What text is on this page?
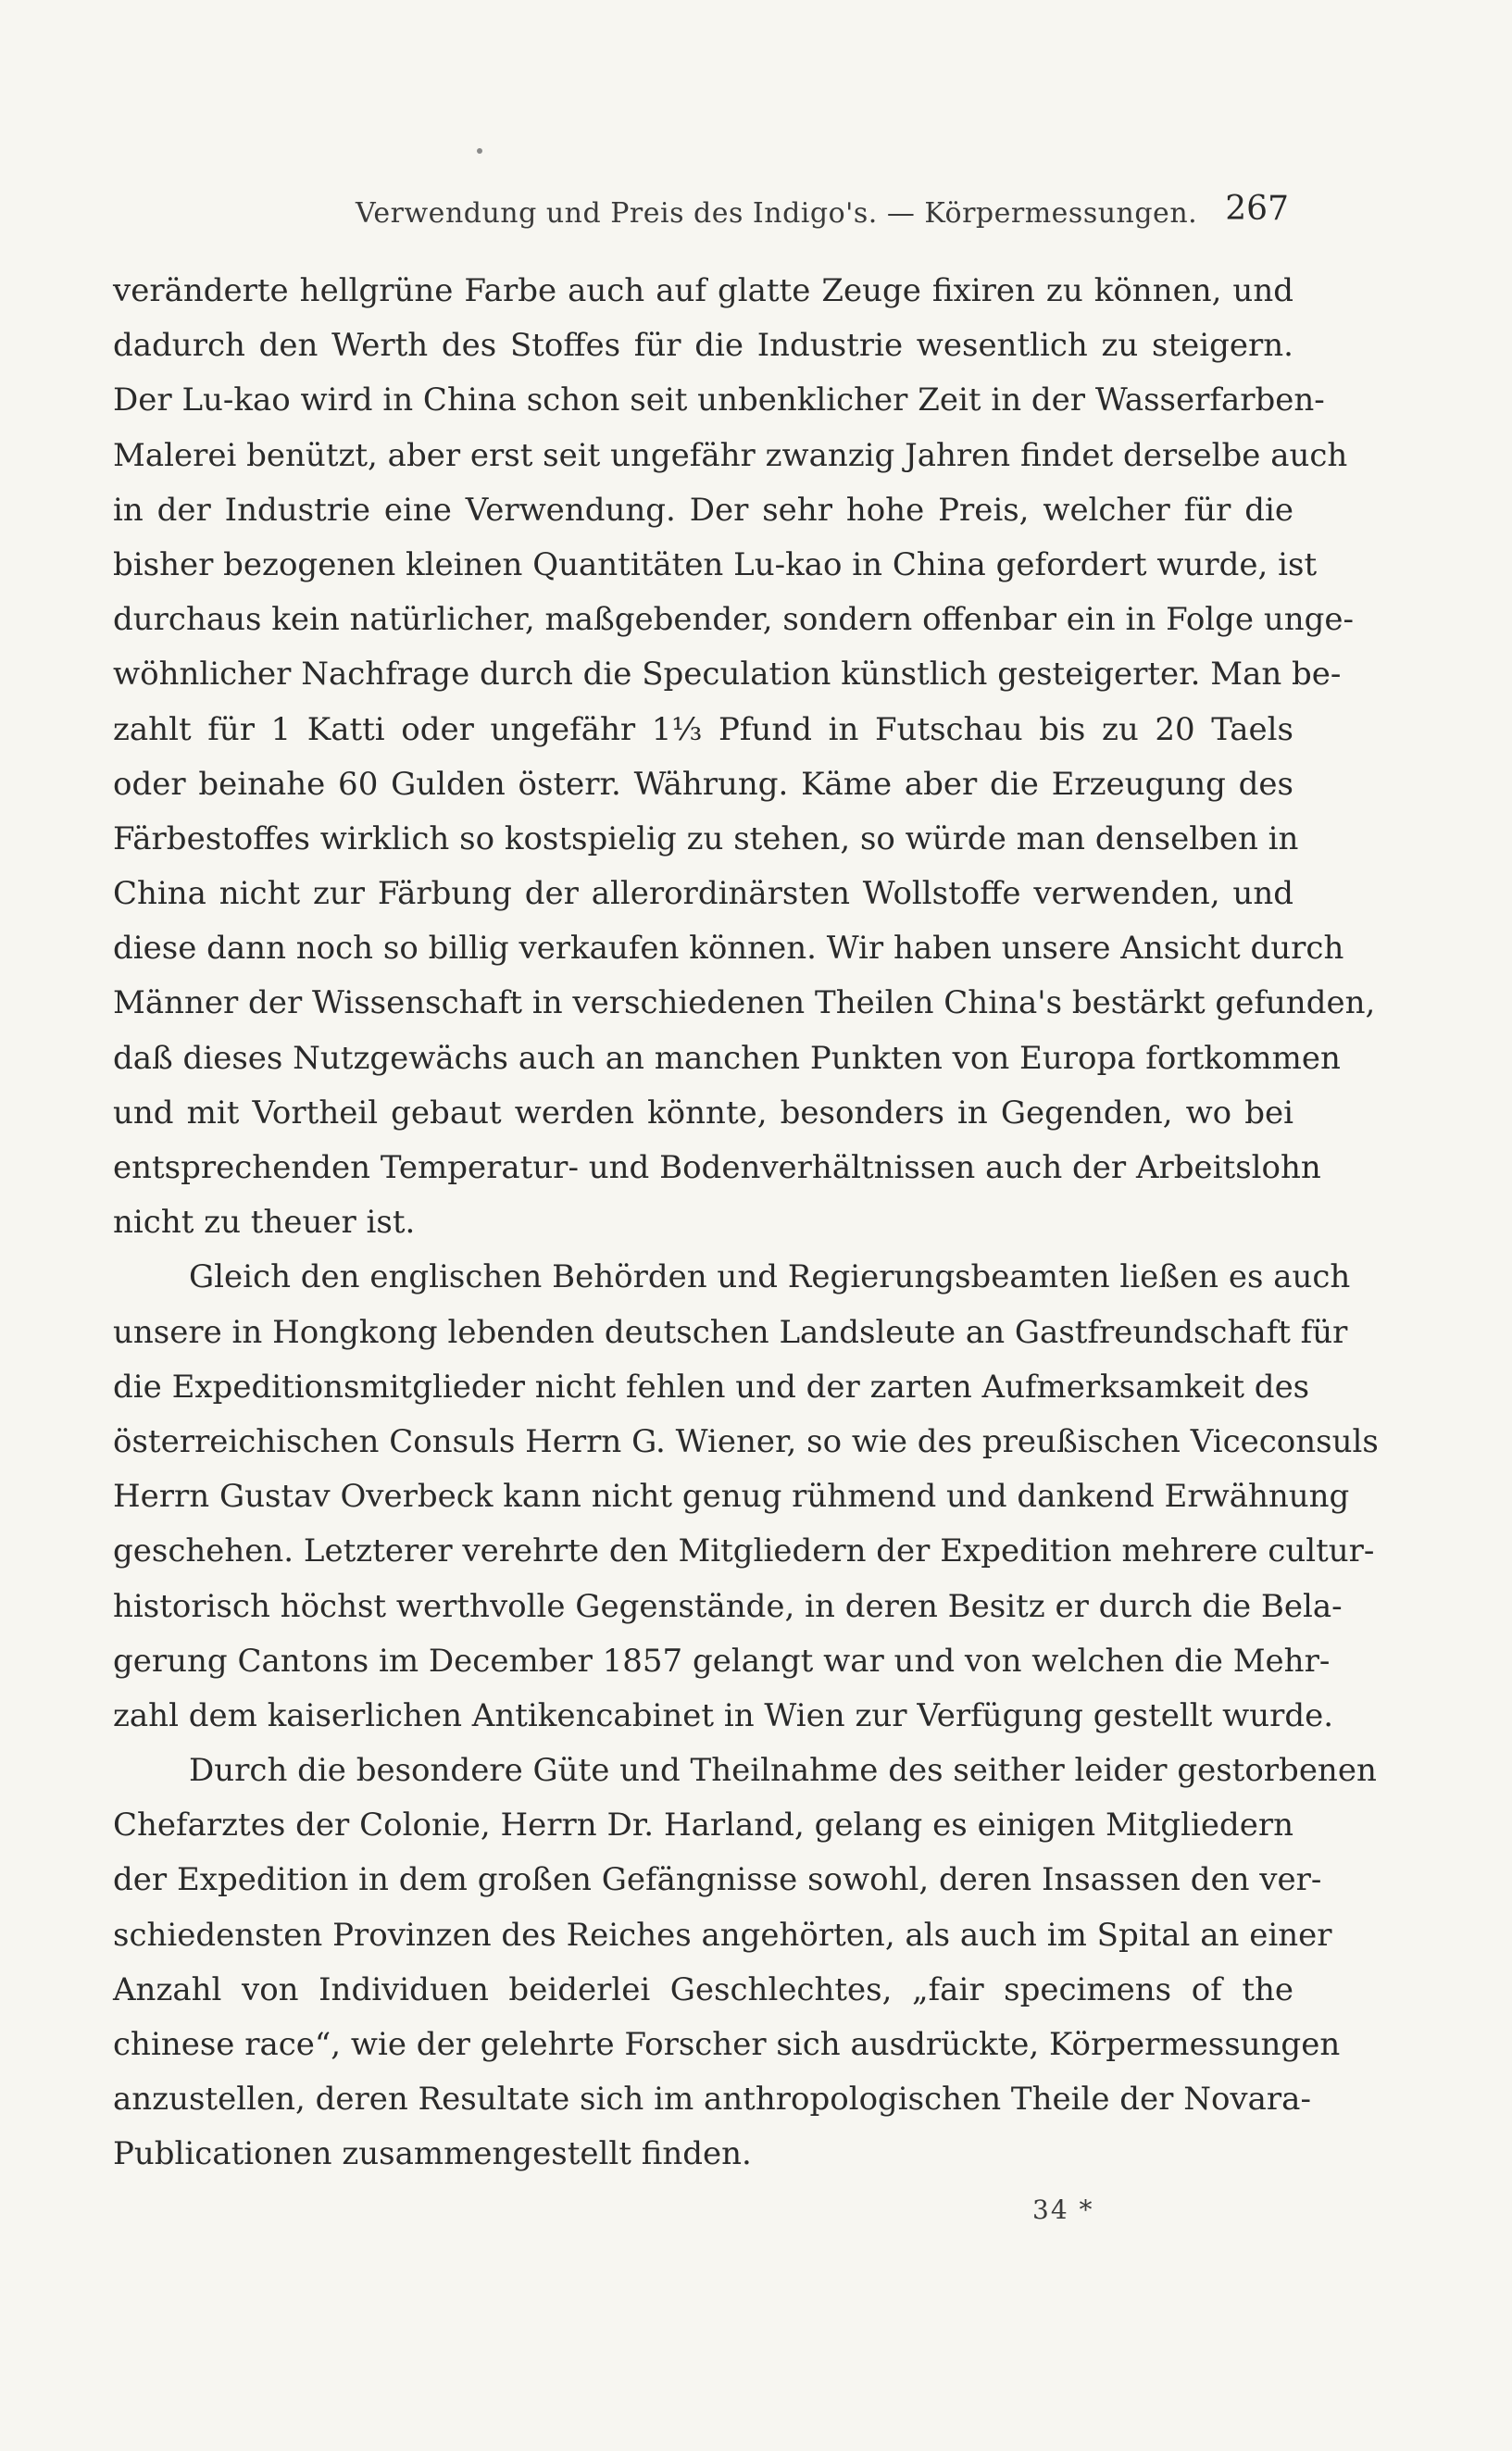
Verwendung und Preis des Indigo's. — Körpermessungen. 267
veränderte hellgrüne Farbe auch auf glatte Zeuge fixiren zu können, und
dadurch den Werth des Stoffes für die Industrie wesentlich zu steigern.
Der Lu-kao wird in China schon seit unbenklicher Zeit in der Wasserfarben-
Malerei benützt, aber erst seit ungefähr zwanzig Jahren findet derselbe auch
in der Industrie eine Verwendung. Der sehr hohe Preis, welcher für die
bisher bezogenen kleinen Quantitäten Lu-kao in China gefordert wurde, ist
durchaus kein natürlicher, maßgebender, sondern offenbar ein in Folge unge-
wöhnlicher Nachfrage durch die Speculation künstlich gesteigerter. Man be-
zahlt für 1 Katti oder ungefähr 1⅓ Pfund in Futschau bis zu 20 Taels
oder beinahe 60 Gulden österr. Währung. Käme aber die Erzeugung des
Färbestoffes wirklich so kostspielig zu stehen, so würde man denselben in
China nicht zur Färbung der allerordinärsten Wollstoffe verwenden, und
diese dann noch so billig verkaufen können. Wir haben unsere Ansicht durch
Männer der Wissenschaft in verschiedenen Theilen China's bestärkt gefunden,
daß dieses Nutzgewächs auch an manchen Punkten von Europa fortkommen
und mit Vortheil gebaut werden könnte, besonders in Gegenden, wo bei
entsprechenden Temperatur- und Bodenverhältnissen auch der Arbeitslohn
nicht zu theuer ist.
Gleich den englischen Behörden und Regierungsbeamten ließen es auch
unsere in Hongkong lebenden deutschen Landsleute an Gastfreundschaft für
die Expeditionsmitglieder nicht fehlen und der zarten Aufmerksamkeit des
österreichischen Consuls Herrn G. Wiener, so wie des preußischen Viceconsuls
Herrn Gustav Overbeck kann nicht genug rühmend und dankend Erwähnung
geschehen. Letzterer verehrte den Mitgliedern der Expedition mehrere cultur-
historisch höchst werthvolle Gegenstände, in deren Besitz er durch die Bela-
gerung Cantons im December 1857 gelangt war und von welchen die Mehr-
zahl dem kaiserlichen Antikencabinet in Wien zur Verfügung gestellt wurde.
Durch die besondere Güte und Theilnahme des seither leider gestorbenen
Chefarztes der Colonie, Herrn Dr. Harland, gelang es einigen Mitgliedern
der Expedition in dem großen Gefängnisse sowohl, deren Insassen den ver-
schiedensten Provinzen des Reiches angehörten, als auch im Spital an einer
Anzahl von Individuen beiderlei Geschlechtes, „fair specimens of the
chinese race“, wie der gelehrte Forscher sich ausdrückte, Körpermessungen
anzustellen, deren Resultate sich im anthropologischen Theile der Novara-
Publicationen zusammengestellt finden.
34 *
